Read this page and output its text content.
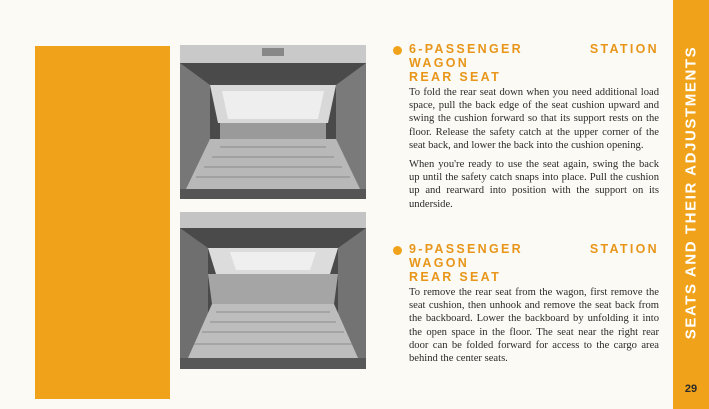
6-PASSENGER STATION WAGON
REAR SEAT

To fold the rear seat down when you need additional load space, pull the back edge of the seat cushion upward and swing the cushion forward so that its support rests on the floor. Release the safety catch at the upper corner of the seat back, and lower the back into the cushion opening.

When you're ready to use the seat again, swing the back up until the safety catch snaps into place. Pull the cushion up and rearward into position with the support on its underside.

9-PASSENGER STATION WAGON
REAR SEAT

To remove the rear seat from the wagon, first remove the seat cushion, then unhook and remove the seat back from the backboard. Lower the backboard by unfolding it into the open space in the floor. The seat near the right rear door can be folded forward for access to the cargo area behind the center seats.

SEATS AND THEIR ADJUSTMENTS
29
